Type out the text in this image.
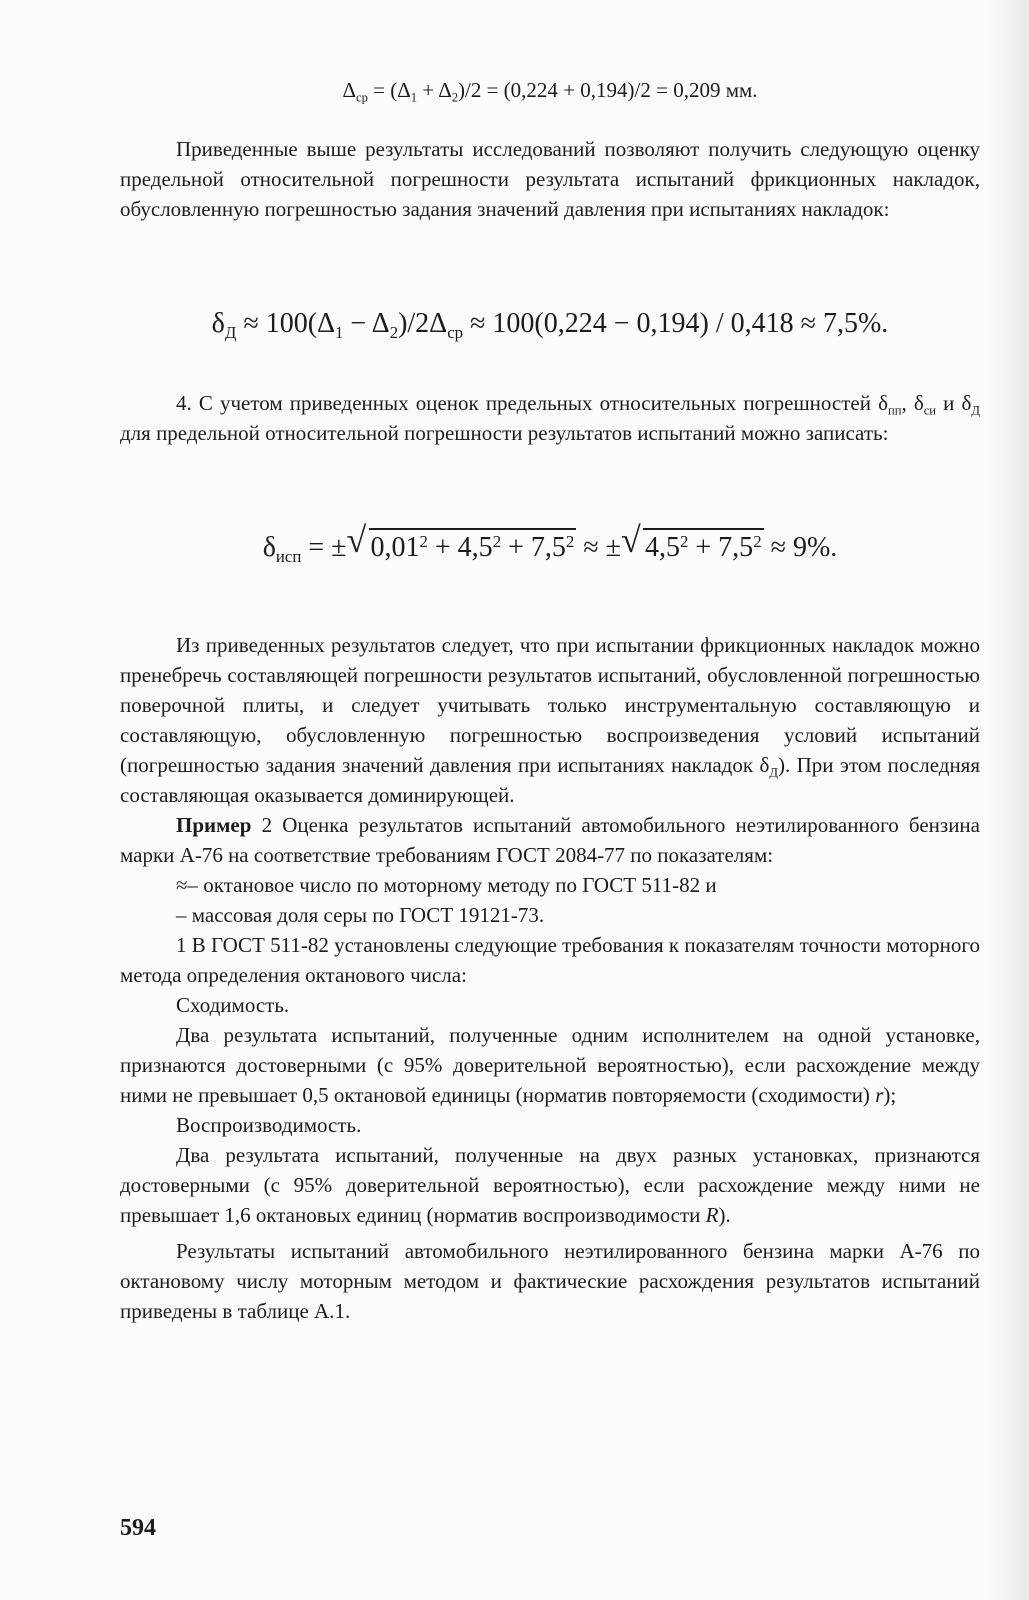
$\Delta_{ср} = (\Delta_1 + \Delta_2)/2 = (0,224 + 0,194)/2 = 0,209$ мм.

Приведенные выше результаты исследований позволяют получить следующую оценку предельной относительной погрешности результата испытаний фрикционных накладок, обусловленную погрешностью задания значений давления при испытаниях накладок:

$\delta_Д \approx 100(\Delta_1 - \Delta_2)/2\Delta_{ср} \approx 100(0,224 - 0,194) / 0,418 \approx 7,5\%$.

4. С учетом приведенных оценок предельных относительных погрешностей $\delta_{пп}$, $\delta_{си}$ и $\delta_Д$ для предельной относительной погрешности результатов испытаний можно записать:

$\delta_{исп}$ = ± √ $0,01^2 + 4,5^2 + 7,5^2$ ≈ ± √ $4,5^2 + 7,5^2 \approx 9\%$.

Из приведенных результатов следует, что при испытании фрикционных накладок можно пренебречь составляющей погрешности результатов испытаний, обусловленной погрешностью поверочной плиты, и следует учитывать только инструментальную составляющую и составляющую, обусловленную погрешностью воспроизведения условий испытаний (погрешностью задания значений давления при испытаниях накладок $\delta_Д$). При этом последняя составляющая оказывается доминирующей.

Пример 2 Оценка результатов испытаний автомобильного неэтилированного бензина марки А-76 на соответствие требованиям ГОСТ 2084-77 по показателям:

≈– октановое число по моторному методу по ГОСТ 511-82 и

– массовая доля серы по ГОСТ 19121-73.

1 В ГОСТ 511-82 установлены следующие требования к показателям точности моторного метода определения октанового числа:

Сходимость.

Два результата испытаний, полученные одним исполнителем на одной установке, признаются достоверными (с 95% доверительной вероятностью), если расхождение между ними не превышает 0,5 октановой единицы (норматив повторяемости (сходимости) r);

Воспроизводимость.

Два результата испытаний, полученные на двух разных установках, признаются достоверными (с 95% доверительной вероятностью), если расхождение между ними не превышает 1,6 октановых единиц (норматив воспроизводимости R).

Результаты испытаний автомобильного неэтилированного бензина марки А-76 по октановому числу моторным методом и фактические расхождения результатов испытаний приведены в таблице А.1.

594
